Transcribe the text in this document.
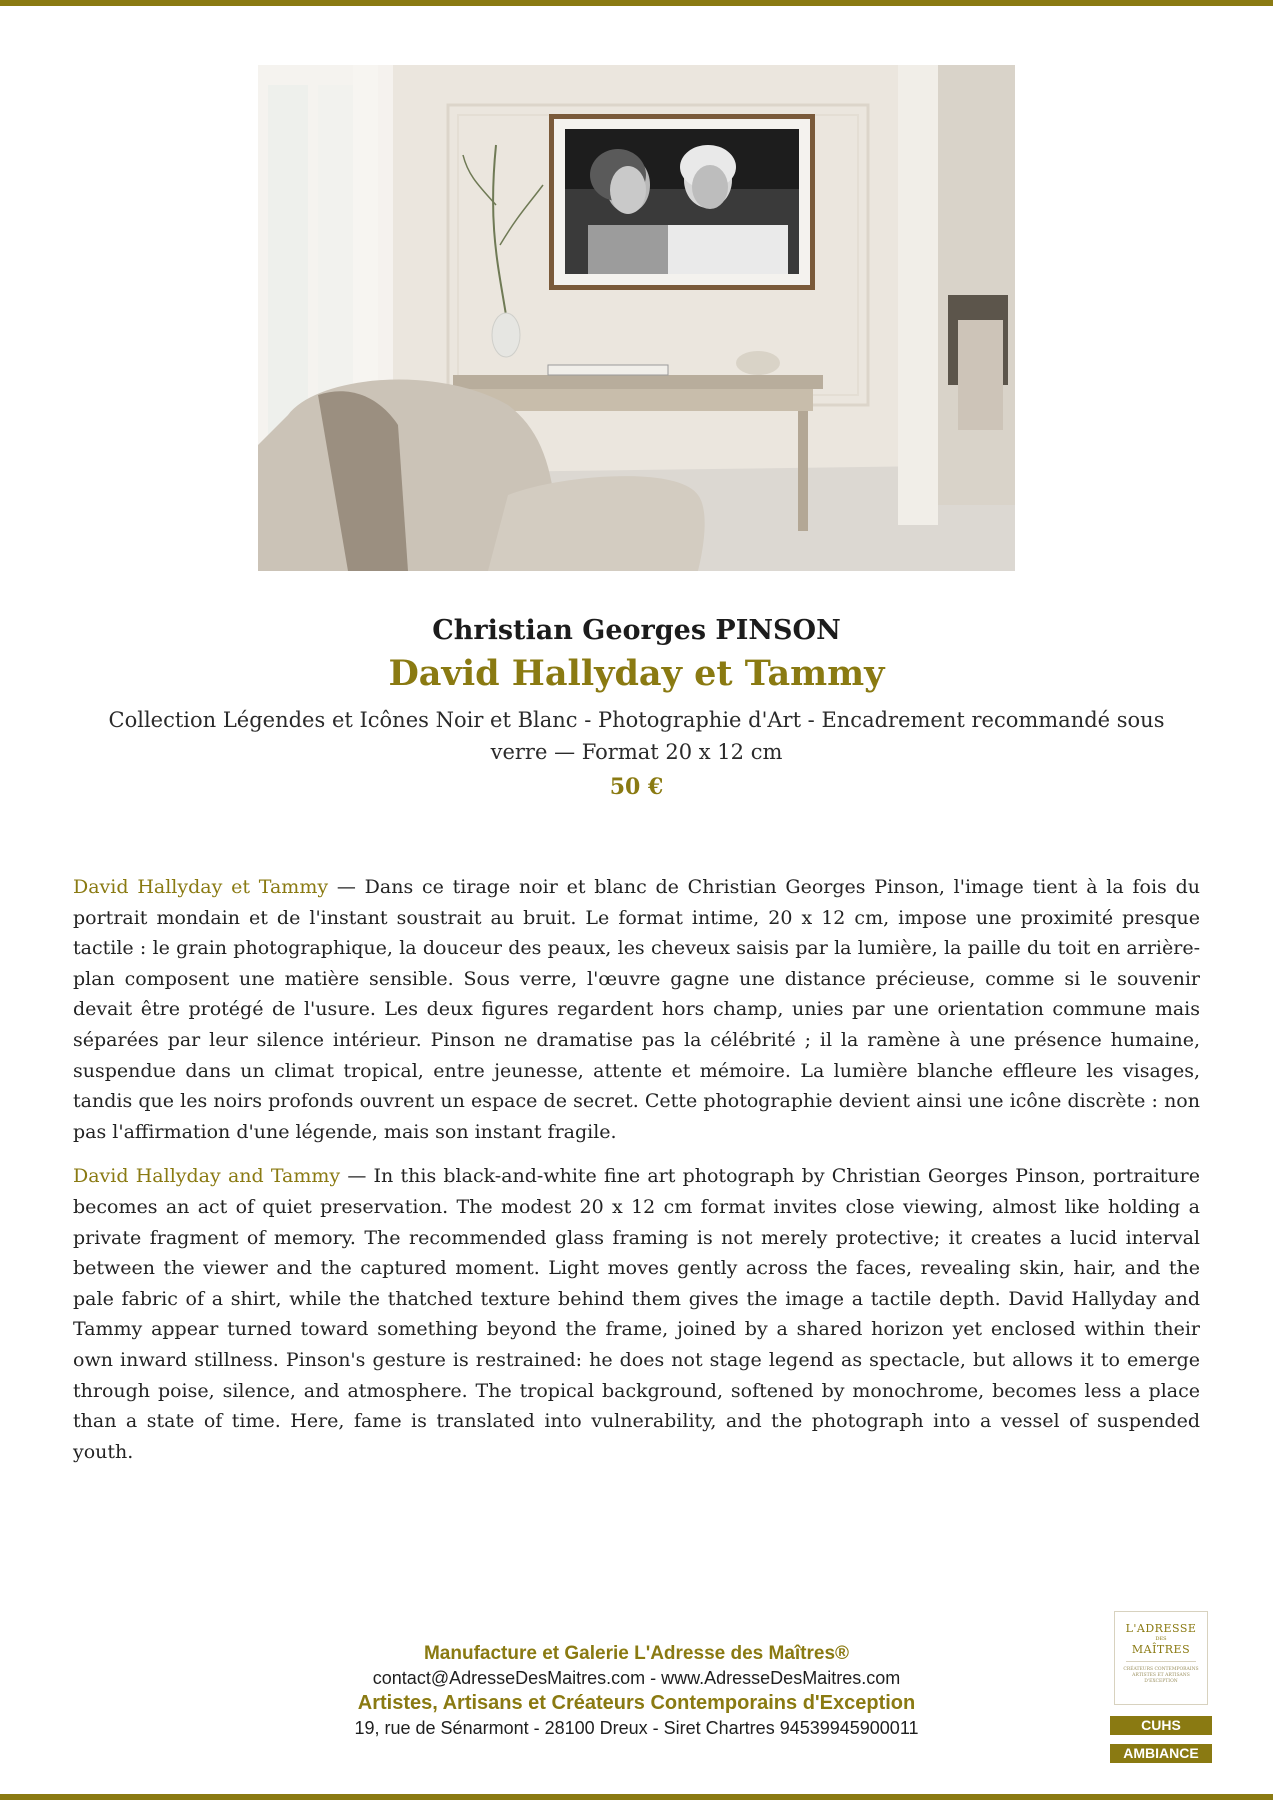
Christian Georges PINSON
David Hallyday et Tammy
Collection Légendes et Icônes Noir et Blanc - Photographie d'Art - Encadrement recommandé sous verre — Format 20 x 12 cm
50 €

David Hallyday et Tammy — Dans ce tirage noir et blanc de Christian Georges Pinson, l'image tient à la fois du portrait mondain et de l'instant soustrait au bruit. Le format intime, 20 x 12 cm, impose une proximité presque tactile : le grain photographique, la douceur des peaux, les cheveux saisis par la lumière, la paille du toit en arrière-plan composent une matière sensible. Sous verre, l'œuvre gagne une distance précieuse, comme si le souvenir devait être protégé de l'usure. Les deux figures regardent hors champ, unies par une orientation commune mais séparées par leur silence intérieur. Pinson ne dramatise pas la célébrité ; il la ramène à une présence humaine, suspendue dans un climat tropical, entre jeunesse, attente et mémoire. La lumière blanche effleure les visages, tandis que les noirs profonds ouvrent un espace de secret. Cette photographie devient ainsi une icône discrète : non pas l'affirmation d'une légende, mais son instant fragile.

David Hallyday and Tammy — In this black-and-white fine art photograph by Christian Georges Pinson, portraiture becomes an act of quiet preservation. The modest 20 x 12 cm format invites close viewing, almost like holding a private fragment of memory. The recommended glass framing is not merely protective; it creates a lucid interval between the viewer and the captured moment. Light moves gently across the faces, revealing skin, hair, and the pale fabric of a shirt, while the thatched texture behind them gives the image a tactile depth. David Hallyday and Tammy appear turned toward something beyond the frame, joined by a shared horizon yet enclosed within their own inward stillness. Pinson's gesture is restrained: he does not stage legend as spectacle, but allows it to emerge through poise, silence, and atmosphere. The tropical background, softened by monochrome, becomes less a place than a state of time. Here, fame is translated into vulnerability, and the photograph into a vessel of suspended youth.

Manufacture et Galerie L'Adresse des Maîtres®
contact@AdresseDesMaitres.com - www.AdresseDesMaitres.com
Artistes, Artisans et Créateurs Contemporains d'Exception
19, rue de Sénarmont - 28100 Dreux - Siret Chartres 94539945900011
L'ADRESSE
DES
MAÎTRES
CRÉATEURS CONTEMPORAINS ARTISTES ET ARTISANS D'EXCEPTION
CUHS
AMBIANCE
